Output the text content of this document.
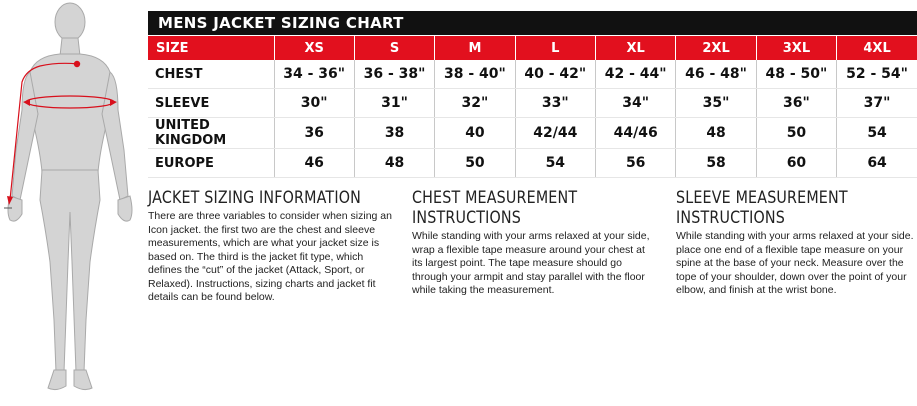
MENS JACKET SIZING CHART
SIZE	XS	S	M	L	XL	2XL	3XL	4XL
CHEST	34 - 36"	36 - 38"	38 - 40"	40 - 42"	42 - 44"	46 - 48"	48 - 50"	52 - 54"
SLEEVE	30"	31"	32"	33"	34"	35"	36"	37"
UNITED KINGDOM	36	38	40	42/44	44/46	48	50	54
EUROPE	46	48	50	54	56	58	60	64
JACKET SIZING INFORMATION

There are three variables to consider when sizing an Icon jacket. the first two are the chest and sleeve measurements, which are what your jacket size is based on. The third is the jacket fit type, which defines the “cut” of the jacket (Attack, Sport, or Relaxed). Instructions, sizing charts and jacket fit details can be found below.

CHEST MEASUREMENT
INSTRUCTIONS

While standing with your arms relaxed at your side, wrap a flexible tape measure around your chest at its largest point. The tape measure should go through your armpit and stay parallel with the floor while taking the measurement.

SLEEVE MEASUREMENT
INSTRUCTIONS

While standing with your arms relaxed at your side. place one end of a flexible tape measure on your spine at the base of your neck. Measure over the tope of your shoulder, down over the point of your elbow, and finish at the wrist bone.
